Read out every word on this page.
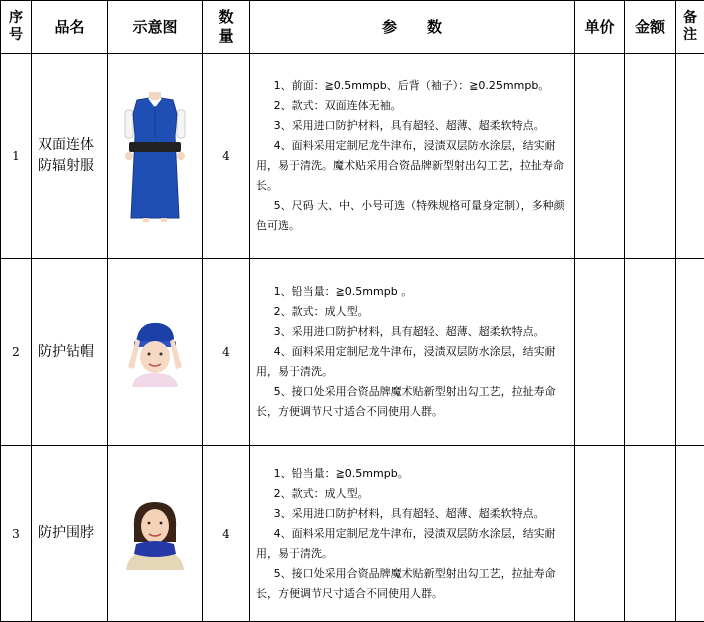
序号	品名	示意图	数量	参　　数	单价	金额	备注
1	双面连体防辐射服		4	1、前面：≧0.5mmpb、后背（袖子）：≧0.25mmpb。

2、款式：双面连体无袖。

3、采用进口防护材料，具有超轻、超薄、超柔软特点。

4、面料采用定制尼龙牛津布，浸渍双层防水涂层，结实耐用，易于清洗。魔术贴采用合资品牌新型射出勾工艺，拉扯寿命长。

5、尺码 大、中、小号可选（特殊规格可量身定制），多种颜色可选。			

2	防护钻帽		4	1、铅当量：≧0.5mmpb 。

2、款式：成人型。

3、采用进口防护材料，具有超轻、超薄、超柔软特点。

4、面料采用定制尼龙牛津布，浸渍双层防水涂层，结实耐用，易于清洗。

5、接口处采用合资品牌魔术贴新型射出勾工艺，拉扯寿命长，方便调节尺寸适合不同使用人群。			

3	防护围脖		4	1、铅当量：≧0.5mmpb。

2、款式：成人型。

3、采用进口防护材料，具有超轻、超薄、超柔软特点。

4、面料采用定制尼龙牛津布，浸渍双层防水涂层，结实耐用，易于清洗。

5、接口处采用合资品牌魔术贴新型射出勾工艺，拉扯寿命长，方便调节尺寸适合不同使用人群。			
